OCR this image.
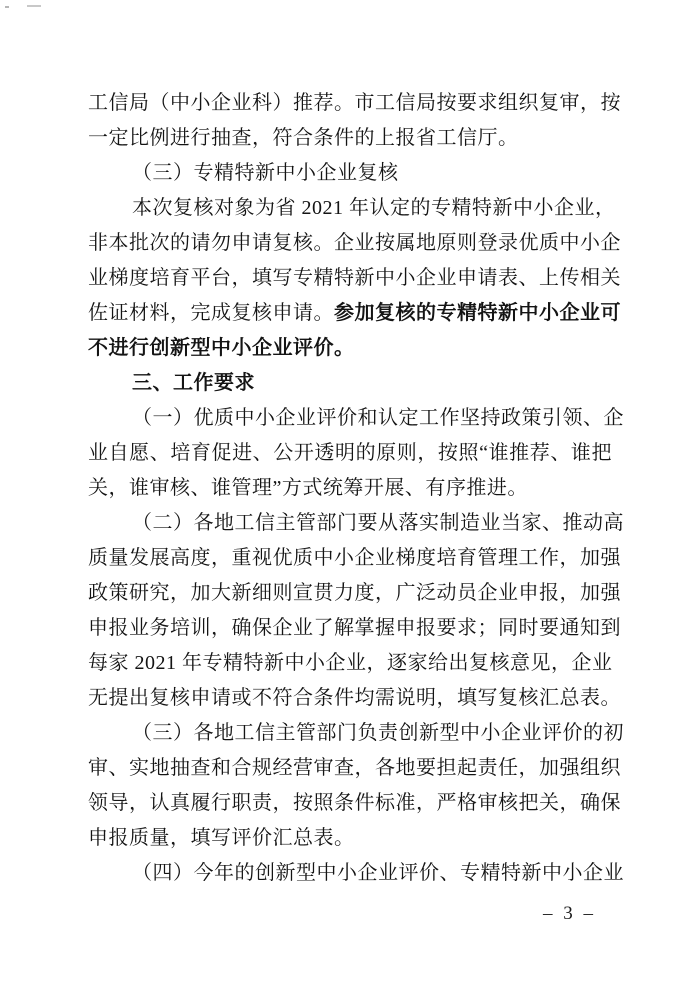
工信局（中小企业科）推荐。市工信局按要求组织复审，按
一定比例进行抽查，符合条件的上报省工信厅。
（三）专精特新中小企业复核
本次复核对象为省 2021 年认定的专精特新中小企业，
非本批次的请勿申请复核。企业按属地原则登录优质中小企
业梯度培育平台，填写专精特新中小企业申请表、上传相关
佐证材料，完成复核申请。参加复核的专精特新中小企业可
不进行创新型中小企业评价。
三、工作要求
（一）优质中小企业评价和认定工作坚持政策引领、企
业自愿、培育促进、公开透明的原则，按照“谁推荐、谁把
关，谁审核、谁管理”方式统筹开展、有序推进。
（二）各地工信主管部门要从落实制造业当家、推动高
质量发展高度，重视优质中小企业梯度培育管理工作，加强
政策研究，加大新细则宣贯力度，广泛动员企业申报，加强
申报业务培训，确保企业了解掌握申报要求；同时要通知到
每家 2021 年专精特新中小企业，逐家给出复核意见，企业
无提出复核申请或不符合条件均需说明，填写复核汇总表。
（三）各地工信主管部门负责创新型中小企业评价的初
审、实地抽查和合规经营审查，各地要担起责任，加强组织
领导，认真履行职责，按照条件标准，严格审核把关，确保
申报质量，填写评价汇总表。
（四）今年的创新型中小企业评价、专精特新中小企业
– 3 –
